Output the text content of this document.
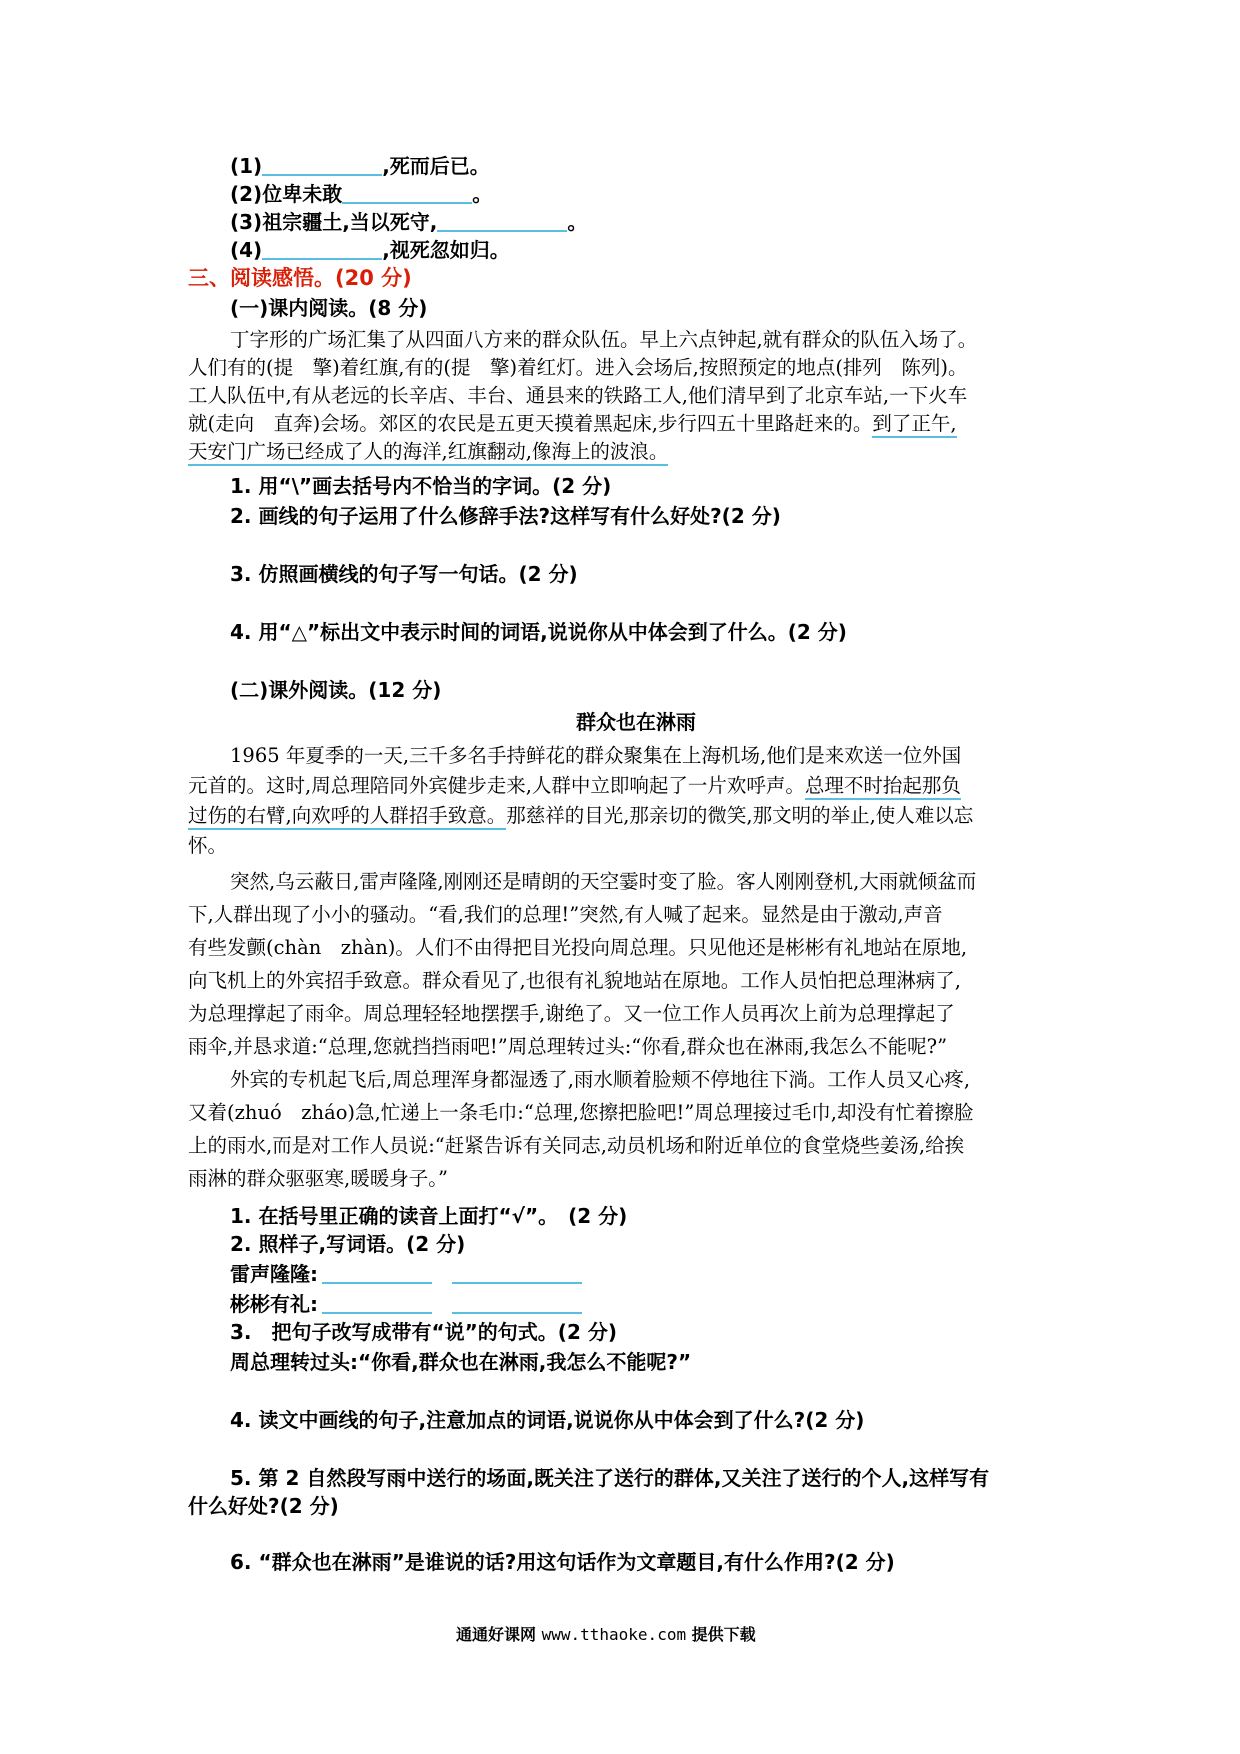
(1)	,死而后已。
(2)位卑未敢	。
(3)祖宗疆土,当以死守,	。
(4)	,视死忽如归。
三、阅读感悟。(20 分)
(一)课内阅读。(8 分)
丁字形的广场汇集了从四面八方来的群众队伍。早上六点钟起,就有群众的队伍入场了。
人们有的(提　擎)着红旗,有的(提　擎)着红灯。进入会场后,按照预定的地点(排列　陈列)。
工人队伍中,有从老远的长辛店、丰台、通县来的铁路工人,他们清早到了北京车站,一下火车
就(走向　直奔)会场。郊区的农民是五更天摸着黑起床,步行四五十里路赶来的。到了正午,
天安门广场已经成了人的海洋,红旗翻动,像海上的波浪。
1. 用“\”画去括号内不恰当的字词。(2 分)
2. 画线的句子运用了什么修辞手法?这样写有什么好处?(2 分)
3. 仿照画横线的句子写一句话。(2 分)
4. 用“△”标出文中表示时间的词语,说说你从中体会到了什么。(2 分)
(二)课外阅读。(12 分)
群众也在淋雨
1965 年夏季的一天,三千多名手持鲜花的群众聚集在上海机场,他们是来欢送一位外国
元首的。这时,周总理陪同外宾健步走来,人群中立即响起了一片欢呼声。总理不时抬起那负
过伤的右臂,向欢呼的人群招手致意。那慈祥的目光,那亲切的微笑,那文明的举止,使人难以忘
怀。
突然,乌云蔽日,雷声隆隆,刚刚还是晴朗的天空霎时变了脸。客人刚刚登机,大雨就倾盆而
下,人群出现了小小的骚动。“看,我们的总理!”突然,有人喊了起来。显然是由于激动,声音
有些发颤(chàn　zhàn)。人们不由得把目光投向周总理。只见他还是彬彬有礼地站在原地,
向飞机上的外宾招手致意。群众看见了,也很有礼貌地站在原地。工作人员怕把总理淋病了,
为总理撑起了雨伞。周总理轻轻地摆摆手,谢绝了。又一位工作人员再次上前为总理撑起了
雨伞,并恳求道:“总理,您就挡挡雨吧!”周总理转过头:“你看,群众也在淋雨,我怎么不能呢?”
外宾的专机起飞后,周总理浑身都湿透了,雨水顺着脸颊不停地往下淌。工作人员又心疼,
又着(zhuó　zháo)急,忙递上一条毛巾:“总理,您擦把脸吧!”周总理接过毛巾,却没有忙着擦脸
上的雨水,而是对工作人员说:“赶紧告诉有关同志,动员机场和附近单位的食堂烧些姜汤,给挨
雨淋的群众驱驱寒,暖暖身子。”
1. 在括号里正确的读音上面打“√”。　(2 分)
2. 照样子,写词语。(2 分)
雷声隆隆:
彬彬有礼:
3.　把句子改写成带有“说”的句式。(2 分)
周总理转过头:“你看,群众也在淋雨,我怎么不能呢?”
4. 读文中画线的句子,注意加点的词语,说说你从中体会到了什么?(2 分)
5. 第 2 自然段写雨中送行的场面,既关注了送行的群体,又关注了送行的个人,这样写有
什么好处?(2 分)
6. “群众也在淋雨”是谁说的话?用这句话作为文章题目,有什么作用?(2 分)
通通好课网 www.tthaoke.com 提供下载
